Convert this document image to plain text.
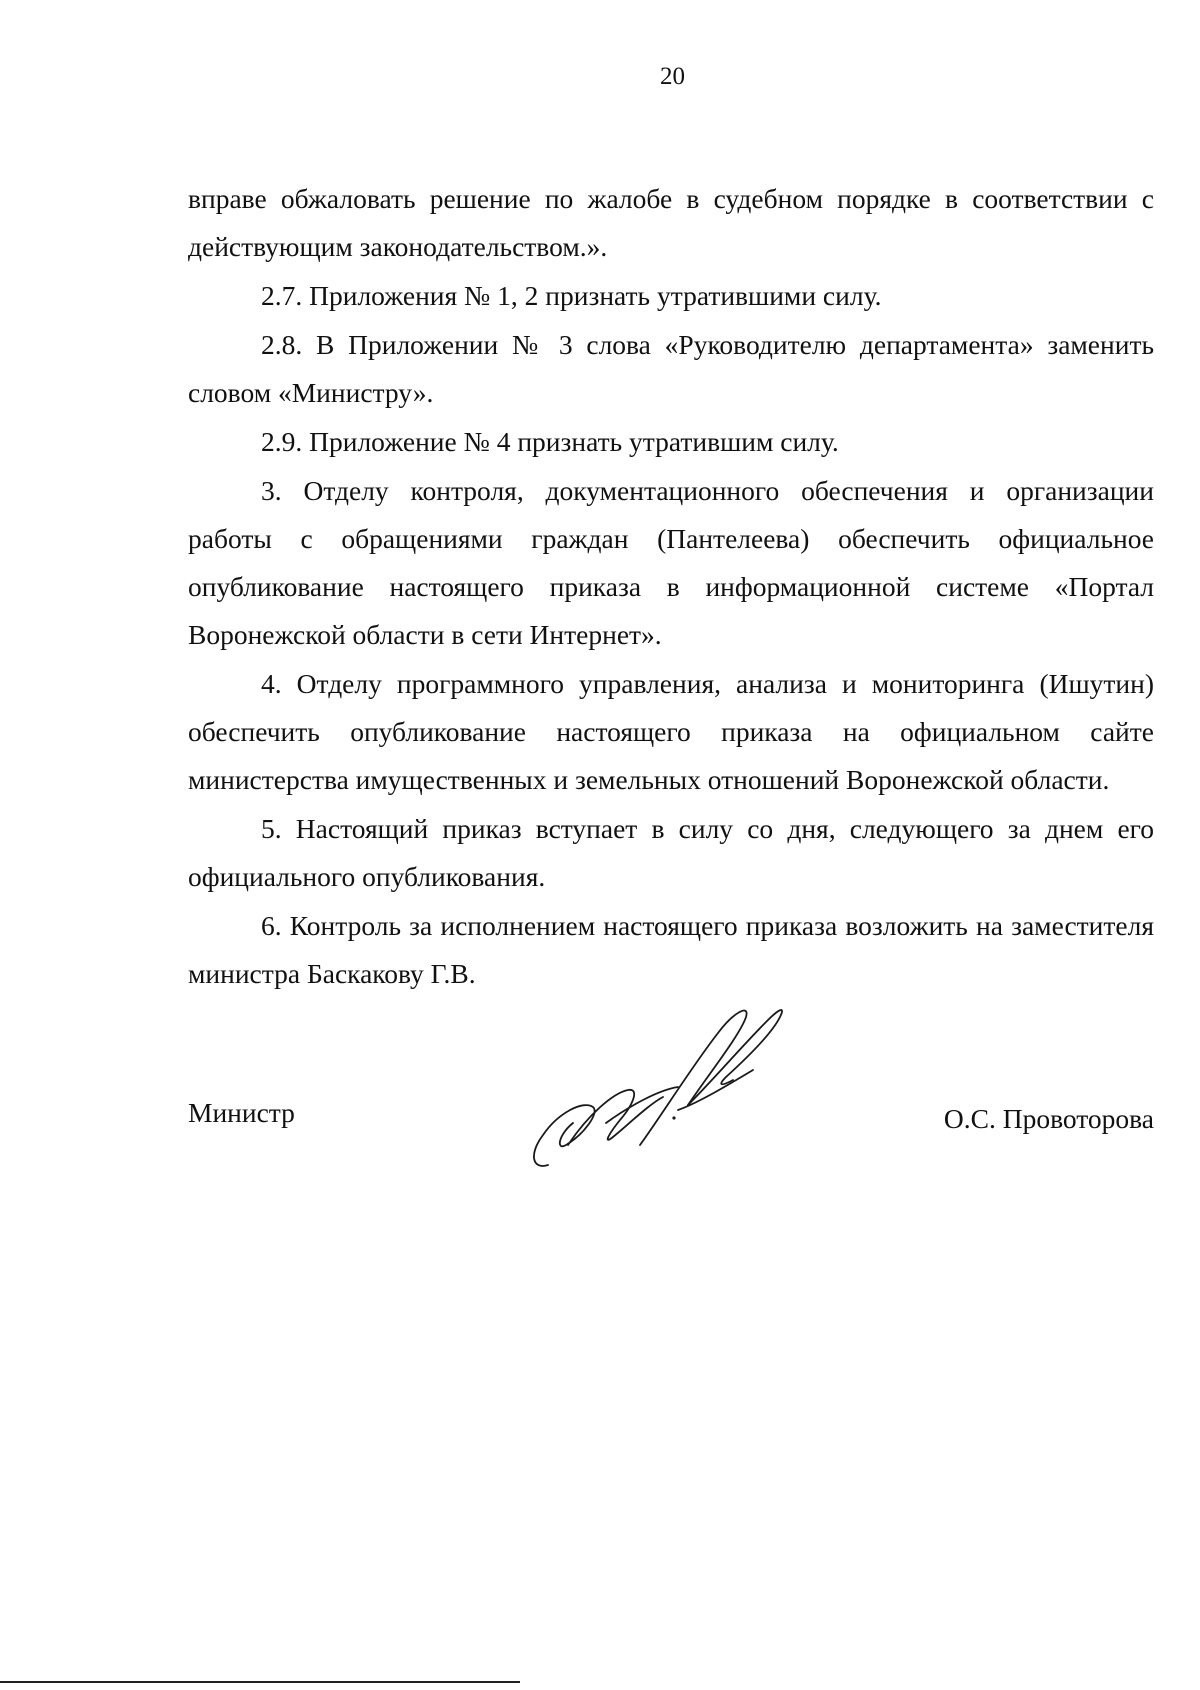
20

вправе обжаловать решение по жалобе в судебном порядке в соответствии с действующим законодательством.».

2.7. Приложения № 1, 2 признать утратившими силу.

2.8. В Приложении № 3 слова «Руководителю департамента» заменить словом «Министру».

2.9. Приложение № 4 признать утратившим силу.

3. Отделу контроля, документационного обеспечения и организации работы с обращениями граждан (Пантелеева) обеспечить официальное опубликование настоящего приказа в информационной системе «Портал Воронежской области в сети Интернет».

4. Отделу программного управления, анализа и мониторинга (Ишутин) обеспечить опубликование настоящего приказа на официальном сайте министерства имущественных и земельных отношений Воронежской области.

5. Настоящий приказ вступает в силу со дня, следующего за днем его официального опубликования.

6. Контроль за исполнением настоящего приказа возложить на заместителя министра Баскакову Г.В.

Министр	О.С. Провоторова
